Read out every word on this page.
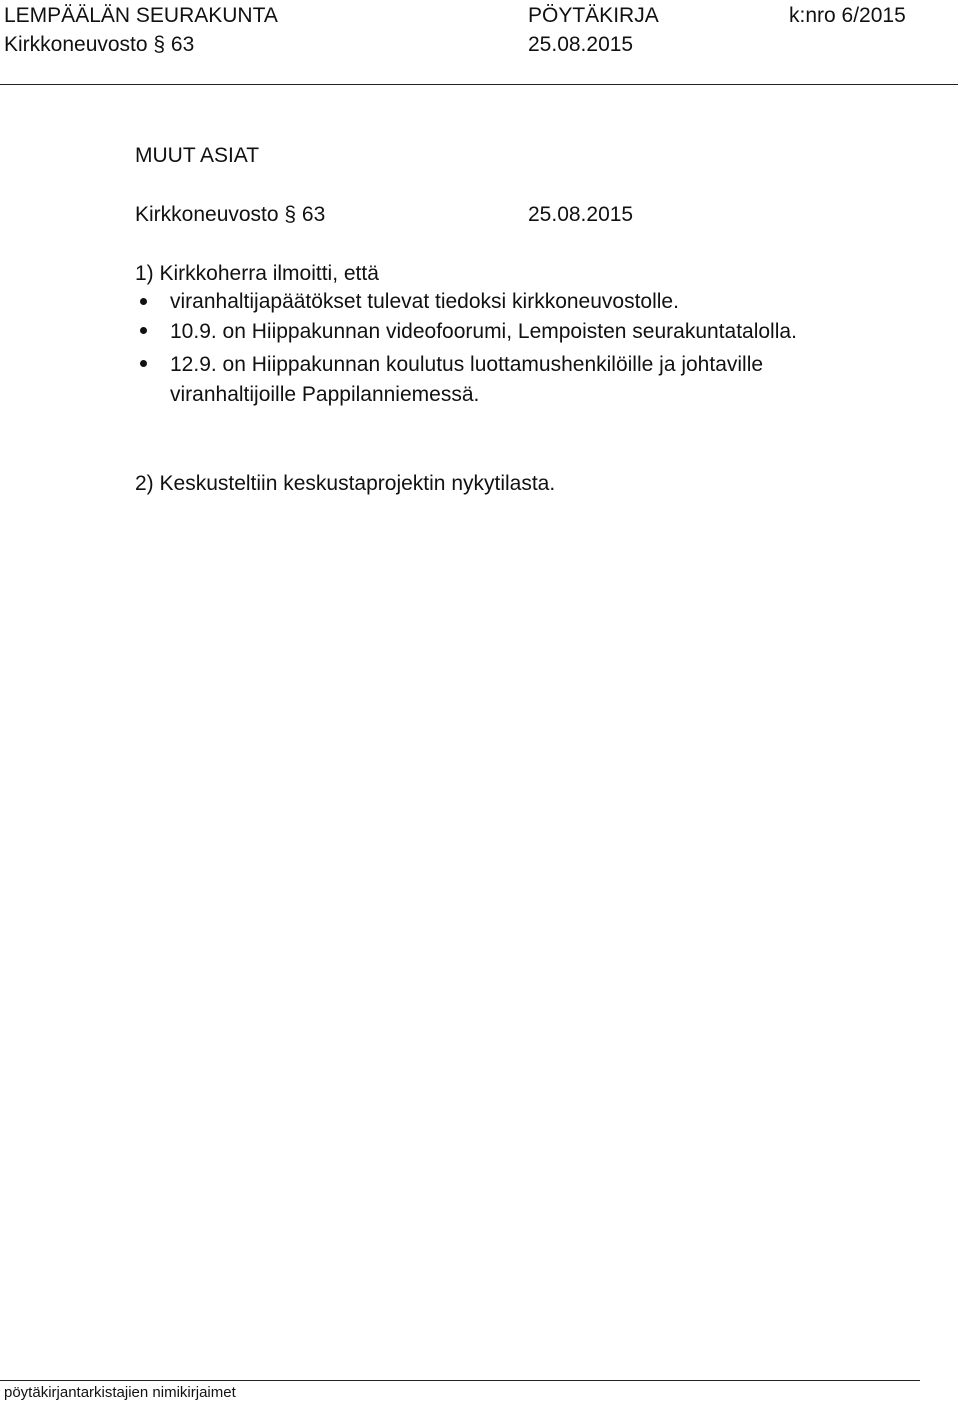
LEMPÄÄLÄN SEURAKUNTA	PÖYTÄKIRJA	k:nro 6/2015
Kirkkoneuvosto § 63	25.08.2015
MUUT ASIAT
Kirkkoneuvosto § 63	25.08.2015
1) Kirkkoherra ilmoitti, että
viranhaltijapäätökset tulevat tiedoksi kirkkoneuvostolle.
10.9. on Hiippakunnan videofoorumi, Lempoisten seurakuntatalolla.
12.9. on Hiippakunnan koulutus luottamushenkilöille ja johtaville
viranhaltijoille Pappilanniemessä.
2) Keskusteltiin keskustaprojektin nykytilasta.
pöytäkirjantarkistajien nimikirjaimet
